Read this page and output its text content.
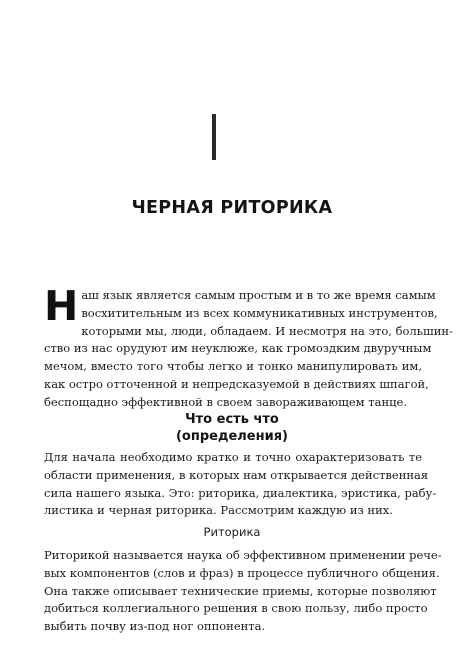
ЧЕРНАЯ РИТОРИКА
Н аш язык является самым простым и в то же время самым
восхитительным из всех коммуникативных инструментов,
которыми мы, люди, обладаем. И несмотря на это, большин-
ство из нас орудуют им неуклюже, как громоздким двуручным
мечом, вместо того чтобы легко и тонко манипулировать им,
как остро отточенной и непредсказуемой в действиях шпагой,
беспощадно эффективной в своем завораживающем танце.
Что есть что
(определения)
Для начала необходимо кратко и точно охарактеризовать те
области применения, в которых нам открывается действенная
сила нашего языка. Это: риторика, диалектика, эристика, рабу-
листика и черная риторика. Рассмотрим каждую из них.
Риторика
Риторикой называется наука об эффективном применении рече-
вых компонентов (слов и фраз) в процессе публичного общения.
Она также описывает технические приемы, которые позволяют
добиться коллегиального решения в свою пользу, либо просто
выбить почву из-под ног оппонента.
